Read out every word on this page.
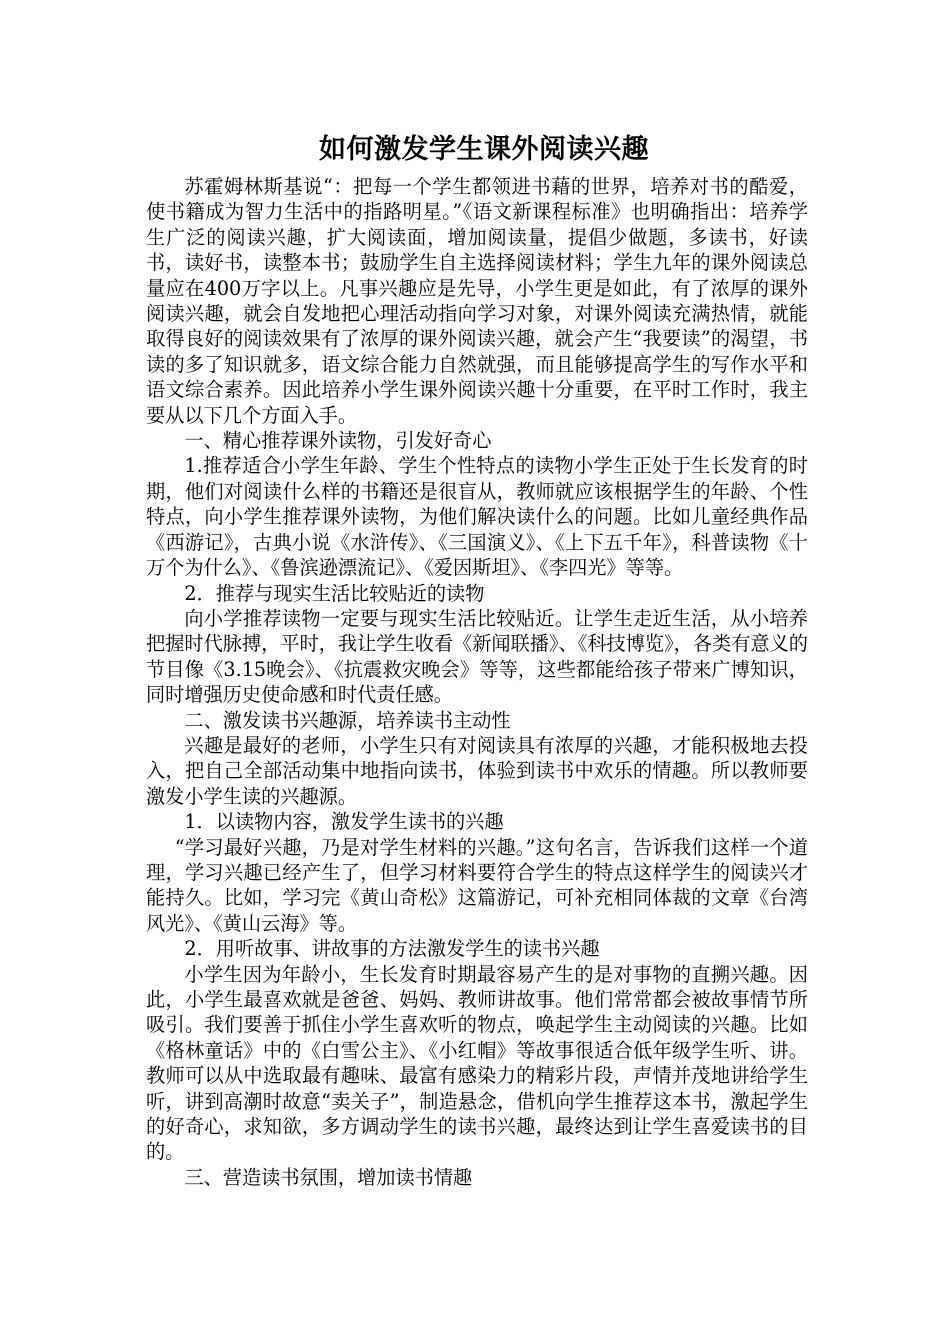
如何激发学生课外阅读兴趣

苏霍姆林斯基说“：把每一个学生都领进书藉的世界，培养对书的酷爱，使书籍成为智力生活中的指路明星。”《语文新课程标准》也明确指出：培养学生广泛的阅读兴趣，扩大阅读面，增加阅读量，提倡少做题，多读书，好读书，读好书，读整本书；鼓励学生自主选择阅读材料；学生九年的课外阅读总量应在400万字以上。凡事兴趣应是先导，小学生更是如此，有了浓厚的课外阅读兴趣，就会自发地把心理活动指向学习对象，对课外阅读充满热情，就能取得良好的阅读效果有了浓厚的课外阅读兴趣，就会产生“我要读”的渴望，书读的多了知识就多，语文综合能力自然就强，而且能够提高学生的写作水平和语文综合素养。因此培养小学生课外阅读兴趣十分重要，在平时工作时，我主要从以下几个方面入手。

一、精心推荐课外读物，引发好奇心

1.推荐适合小学生年龄、学生个性特点的读物小学生正处于生长发育的时期，他们对阅读什么样的书籍还是很盲从，教师就应该根据学生的年龄、个性特点，向小学生推荐课外读物，为他们解决读什么的问题。比如儿童经典作品《西游记》，古典小说《水浒传》、《三国演义》、《上下五千年》，科普读物《十万个为什么》、《鲁滨逊漂流记》、《爱因斯坦》、《李四光》等等。

2．推荐与现实生活比较贴近的读物

向小学推荐读物一定要与现实生活比较贴近。让学生走近生活，从小培养把握时代脉搏，平时，我让学生收看《新闻联播》、《科技博览》，各类有意义的节目像《3.15晚会》、《抗震救灾晚会》等等，这些都能给孩子带来广博知识，同时增强历史使命感和时代责任感。

二、激发读书兴趣源，培养读书主动性

兴趣是最好的老师，小学生只有对阅读具有浓厚的兴趣，才能积极地去投入，把自己全部活动集中地指向读书，体验到读书中欢乐的情趣。所以教师要激发小学生读的兴趣源。

1．以读物内容，激发学生读书的兴趣

“学习最好兴趣，乃是对学生材料的兴趣。”这句名言，告诉我们这样一个道理，学习兴趣已经产生了，但学习材料要符合学生的特点这样学生的阅读兴才能持久。比如，学习完《黄山奇松》这篇游记，可补充相同体裁的文章《台湾风光》、《黄山云海》等。

2．用听故事、讲故事的方法激发学生的读书兴趣

小学生因为年龄小，生长发育时期最容易产生的是对事物的直搠兴趣。因此，小学生最喜欢就是爸爸、妈妈、教师讲故事。他们常常都会被故事情节所吸引。我们要善于抓住小学生喜欢听的物点，唤起学生主动阅读的兴趣。比如《格林童话》中的《白雪公主》、《小红帽》等故事很适合低年级学生听、讲。教师可以从中选取最有趣味、最富有感染力的精彩片段，声情并茂地讲给学生听，讲到高潮时故意“卖关子”，制造悬念，借机向学生推荐这本书，激起学生的好奇心，求知欲，多方调动学生的读书兴趣，最终达到让学生喜爱读书的目的。

三、营造读书氛围，增加读书情趣
